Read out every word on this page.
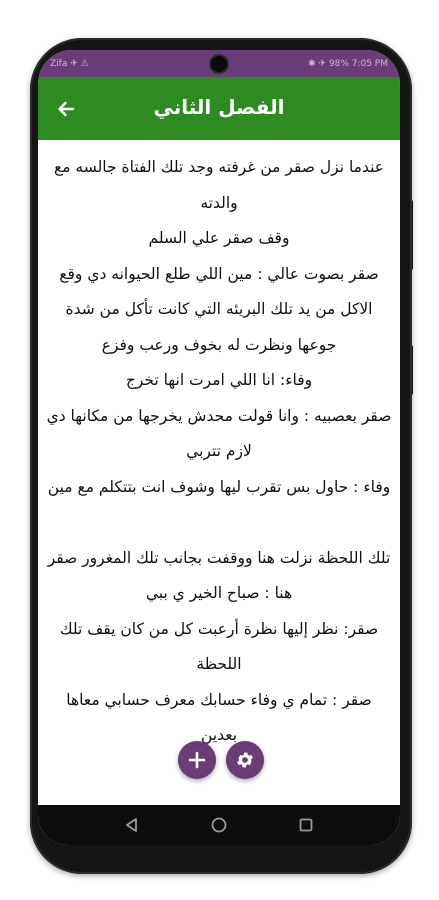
Zifa ✈ ⚠	✱ ✈ 98% 7:05 PM
الفصل الثاني

عندما نزل صقر من غرفته وجد تلك الفتاة جالسه مع والدته

وقف صقر علي السلم

صقر بصوت عالي : مين اللي طلع الحيوانه دي وقع الاكل من يد تلك البريئه التي كانت تأكل من شدة جوعها ونظرت له بخوف ورعب وفزع

وفاء: انا اللي امرت انها تخرج

صقر بعصبيه : وانا قولت محدش يخرجها من مكانها دي لازم تتربي

وفاء : حاول بس تقرب ليها وشوف انت بتتكلم مع مين

تلك اللحظة نزلت هنا ووقفت بجانب تلك المغرور صقر

هنا : صباح الخير ي ببي

صقر: نظر إليها نظرة أرعبت كل من كان يقف تلك اللحظة

صقر : تمام ي وفاء حسابك معرف حسابي معاها بعدين
